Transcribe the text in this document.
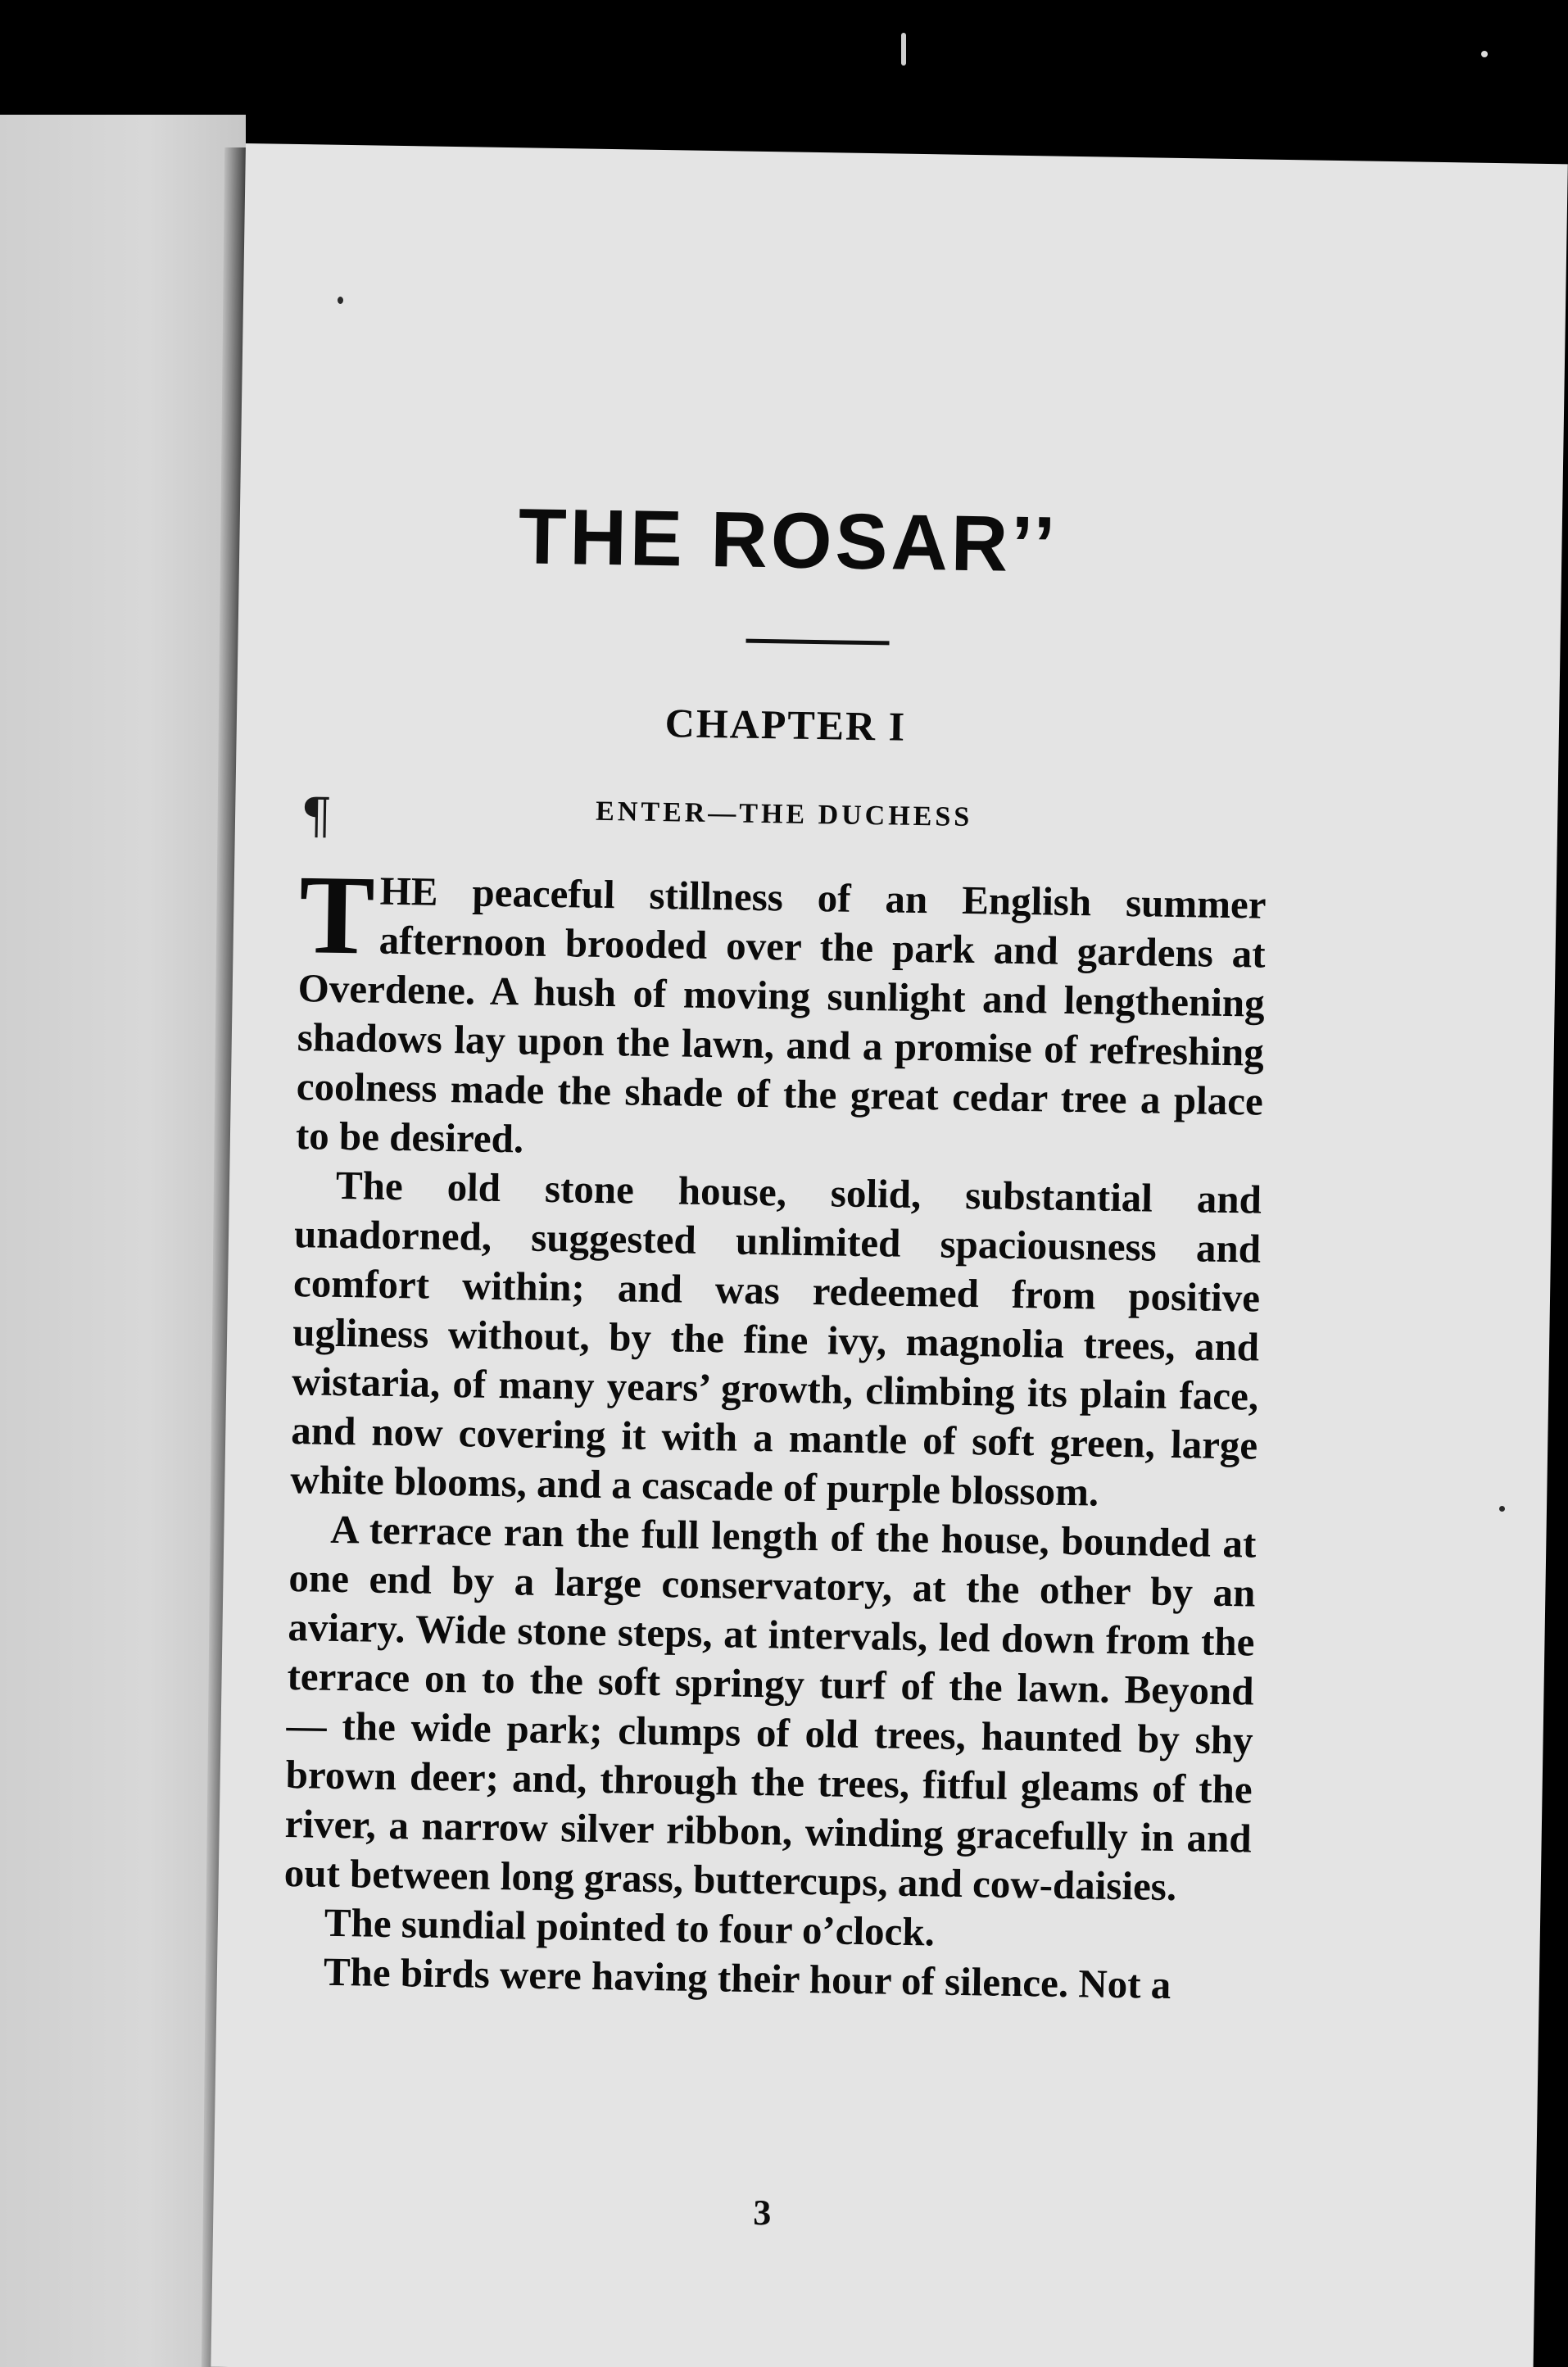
THE ROSAR’’
CHAPTER I
¶	ENTER—THE DUCHESS

THE peaceful stillness of an English summer afternoon brooded over the park and gardens at Overdene. A hush of moving sunlight and lengthening shadows lay upon the lawn, and a promise of refreshing coolness made the shade of the great cedar tree a place to be desired.

The old stone house, solid, substantial and unadorned, suggested unlimited spaciousness and comfort within; and was redeemed from positive ugliness without, by the fine ivy, magnolia trees, and wistaria, of many years’ growth, climbing its plain face, and now covering it with a mantle of soft green, large white blooms, and a cascade of purple blossom.

A terrace ran the full length of the house, bounded at one end by a large conservatory, at the other by an aviary. Wide stone steps, at intervals, led down from the terrace on to the soft springy turf of the lawn. Beyond — the wide park; clumps of old trees, haunted by shy brown deer; and, through the trees, fitful gleams of the river, a narrow silver ribbon, winding gracefully in and out between long grass, buttercups, and cow-daisies.

The sundial pointed to four o’clock.

The birds were having their hour of silence. Not a

3
